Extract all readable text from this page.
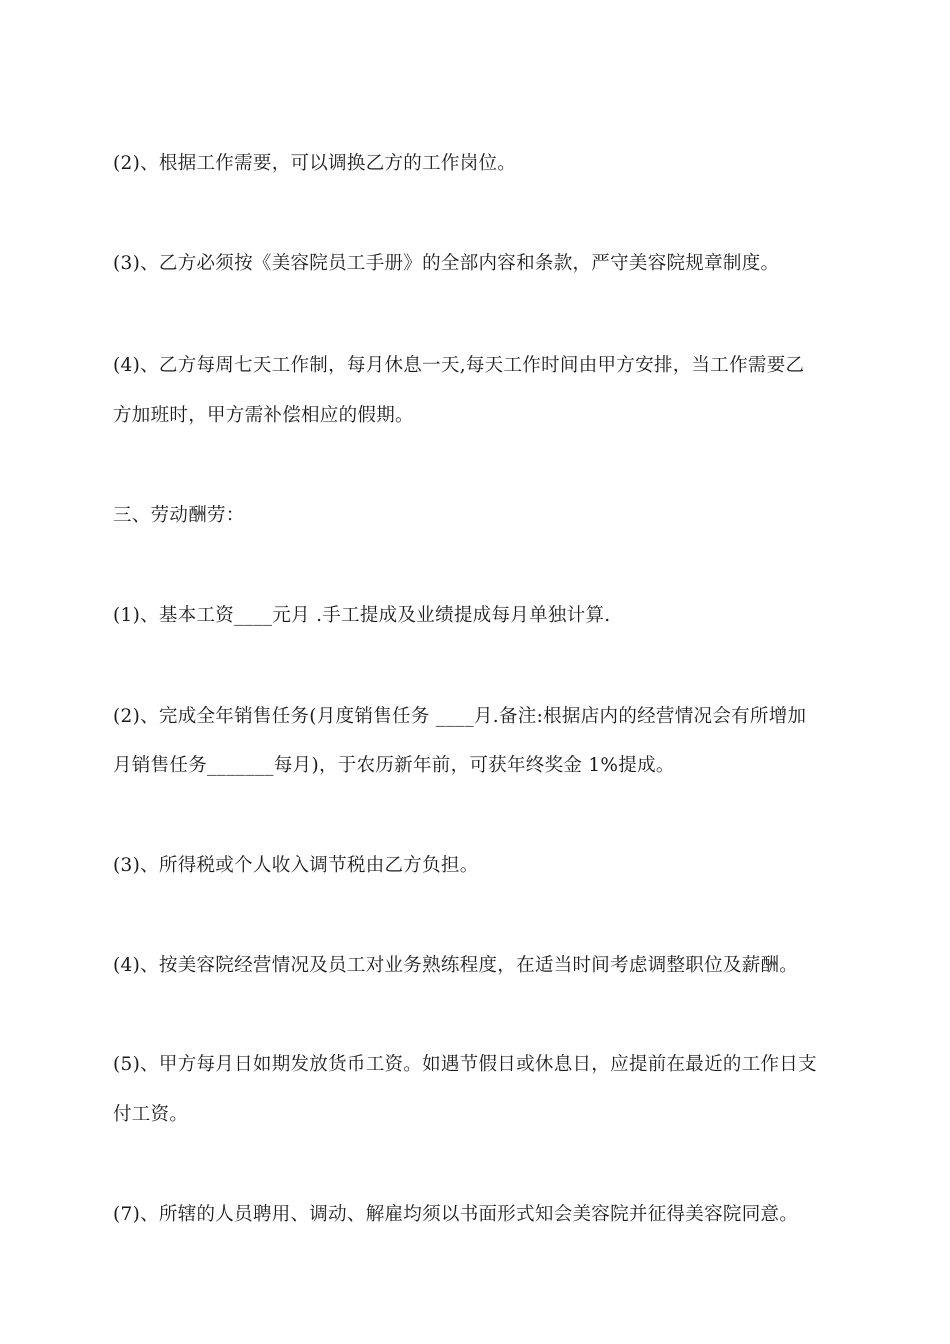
(2)、根据工作需要，可以调换乙方的工作岗位。
(3)、乙方必须按《美容院员工手册》的全部内容和条款，严守美容院规章制度。
(4)、乙方每周七天工作制，每月休息一天,每天工作时间由甲方安排，当工作需要乙
方加班时，甲方需补偿相应的假期。
三、劳动酬劳：
(1)、基本工资____元月 .手工提成及业绩提成每月单独计算.
(2)、完成全年销售任务(月度销售任务 ____月.备注:根据店内的经营情况会有所增加
月销售任务_______每月)，于农历新年前，可获年终奖金 1%提成。
(3)、所得税或个人收入调节税由乙方负担。
(4)、按美容院经营情况及员工对业务熟练程度，在适当时间考虑调整职位及薪酬。
(5)、甲方每月日如期发放货币工资。如遇节假日或休息日，应提前在最近的工作日支
付工资。
(7)、所辖的人员聘用、调动、解雇均须以书面形式知会美容院并征得美容院同意。
